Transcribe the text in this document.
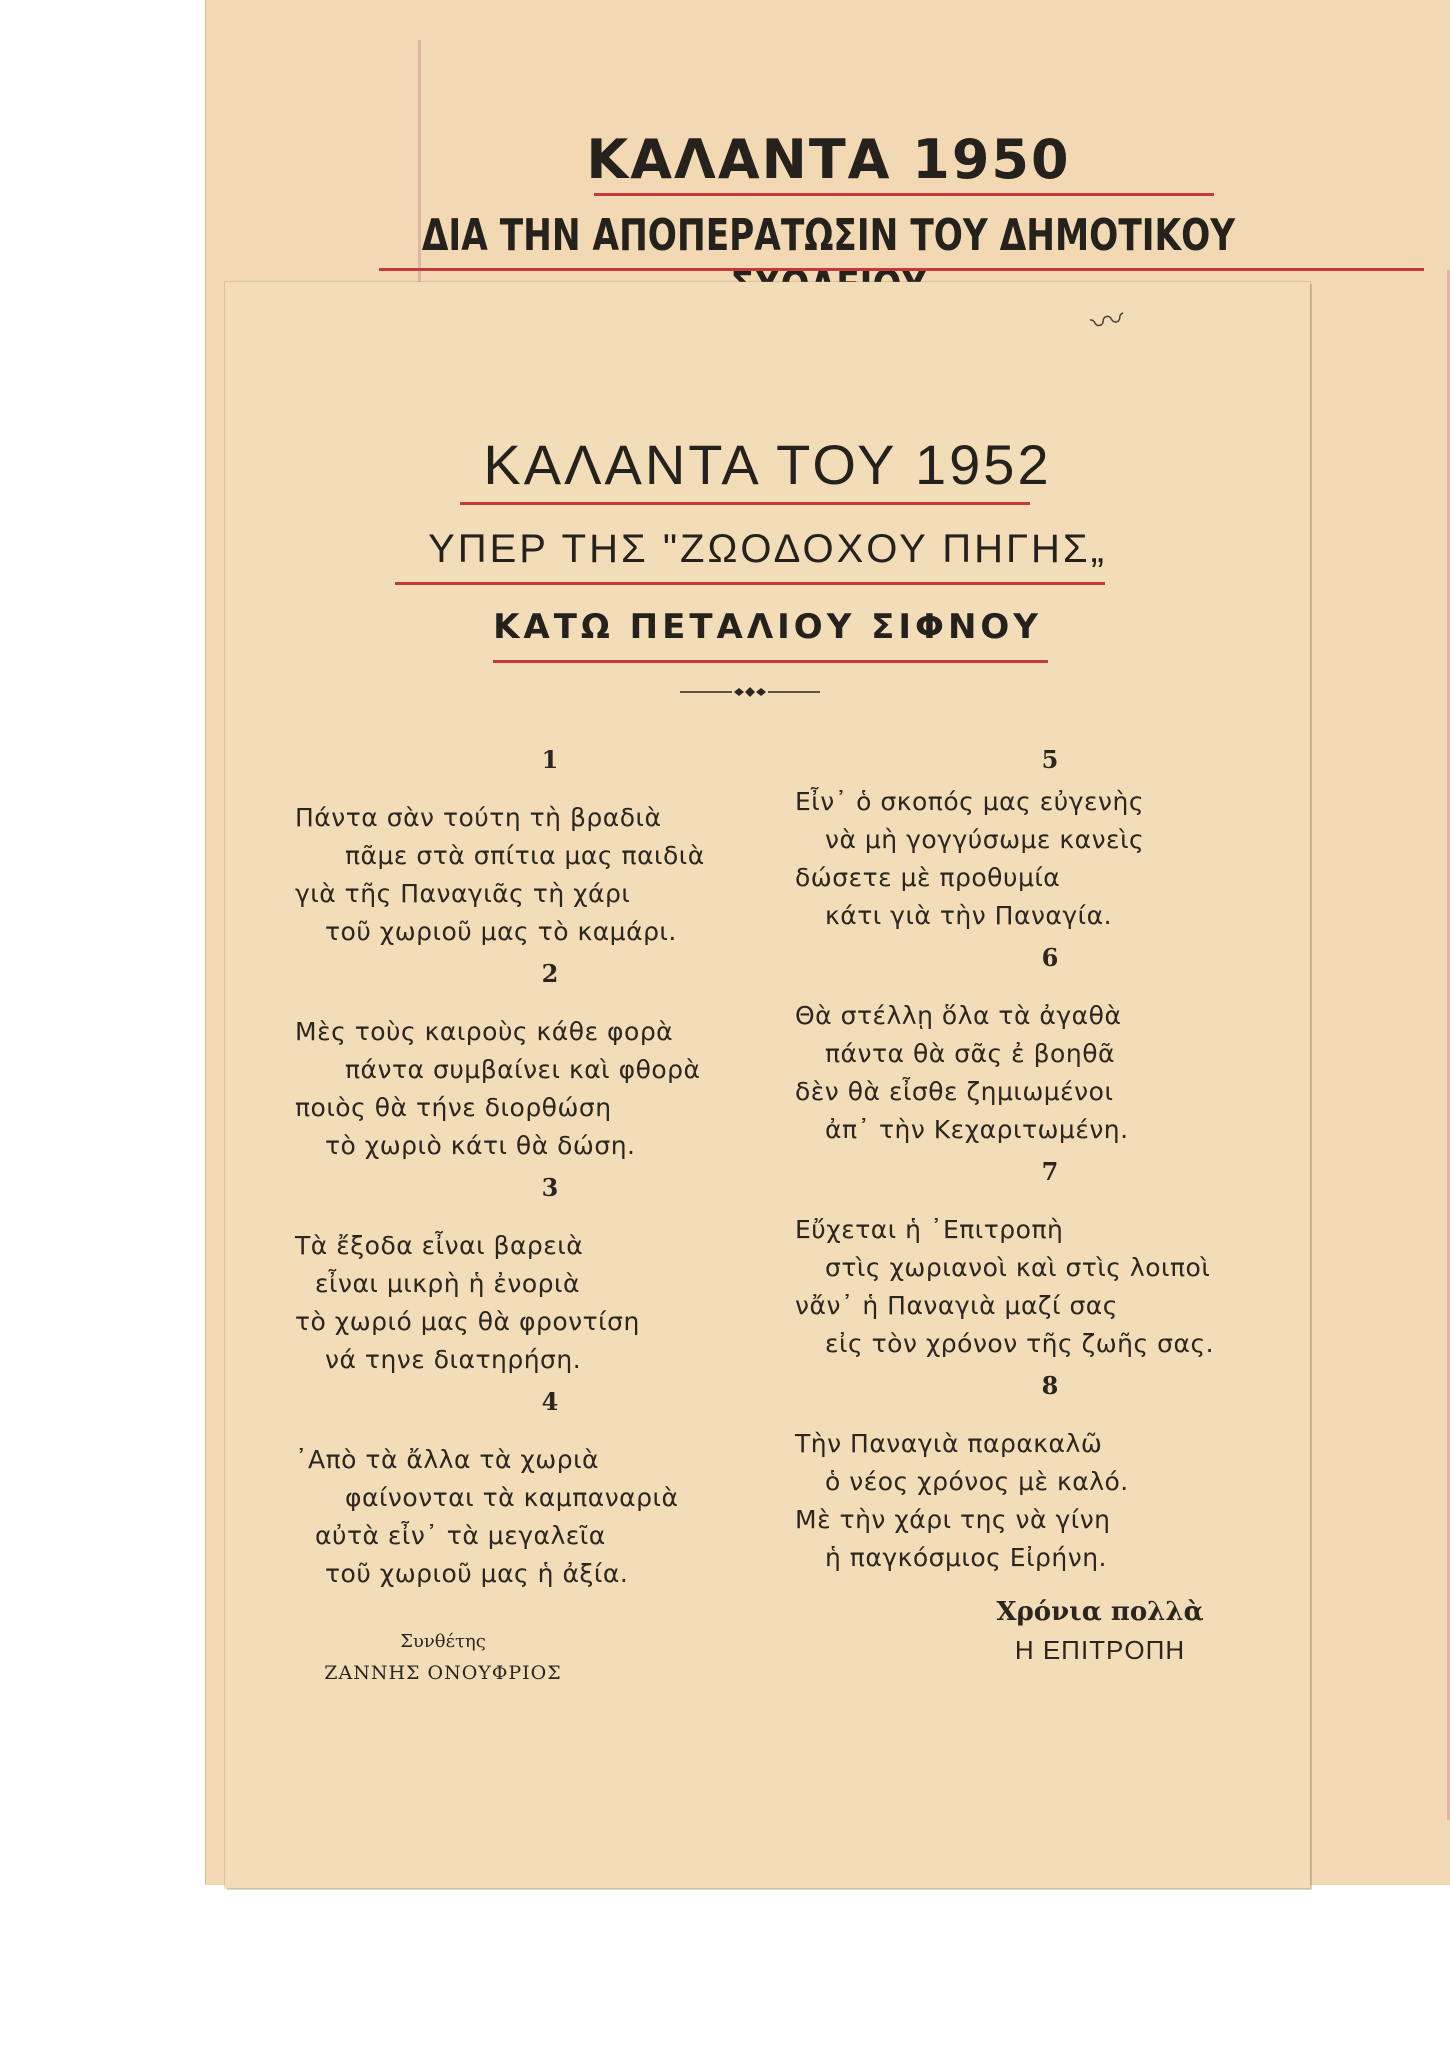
ΚΑΛΑΝΤΑ 1950
ΔΙΑ ΤΗΝ ΑΠΟΠΕΡΑΤΩΣΙΝ ΤΟΥ ΔΗΜΟΤΙΚΟΥ
〰
ΚΑΛΑΝΤΑ ΤΟΥ 1952
ΥΠΕΡ ΤΗΣ "ΖΩΟΔΟΧΟΥ ΠΗΓΗΣ„
ΚΑΤΩ ΠΕΤΑΛΙΟΥ ΣΙΦΝΟΥ
1
Πάντα σὰν τούτη τὴ βραδιὰ
πᾶμε στὰ σπίτια μας παιδιὰ
γιὰ τῆς Παναγιᾶς τὴ χάρι
τοῦ χωριοῦ μας τὸ καμάρι.
2
Μὲς τοὺς καιροὺς κάθε φορὰ
πάντα συμβαίνει καὶ φθορὰ
ποιὸς θὰ τήνε διορθώση
τὸ χωριὸ κάτι θὰ δώση.
3
Τὰ ἔξοδα εἶναι βαρειὰ
εἶναι μικρὴ ἡ ἐνοριὰ
τὸ χωριό μας θὰ φροντίση
νά τηνε διατηρήση.
4
᾽Απὸ τὰ ἄλλα τὰ χωριὰ
φαίνονται τὰ καμπαναριὰ
αὐτὰ εἶν᾽ τὰ μεγαλεῖα
τοῦ χωριοῦ μας ἡ ἀξία.
5
Εἶν᾽ ὁ σκοπός μας εὐγενὴς
νὰ μὴ γογγύσωμε κανεὶς
δώσετε μὲ προθυμία
κάτι γιὰ τὴν Παναγία.
6
Θὰ στέλλῃ ὅλα τὰ ἀγαθὰ
πάντα θὰ σᾶς ἐ βοηθᾶ
δὲν θὰ εἶσθε ζημιωμένοι
ἀπ᾽ τὴν Κεχαριτωμένη.
7
Εὔχεται ἡ ᾽Επιτροπὴ
στὶς χωριανοὶ καὶ στὶς λοιποὶ
νἄν᾽ ἡ Παναγιὰ μαζί σας
εἰς τὸν χρόνον τῆς ζωῆς σας.
8
Τὴν Παναγιὰ παρακαλῶ
ὁ νέος χρόνος μὲ καλό.
Μὲ τὴν χάρι της νὰ γίνη
ἡ παγκόσμιος Εἰρήνη.
Συνθέτης
ΖΑΝΝΗΣ ΟΝΟΥΦΡΙΟΣ
Χρόνια πολλὰ
Η ΕΠΙΤΡΟΠΗ
